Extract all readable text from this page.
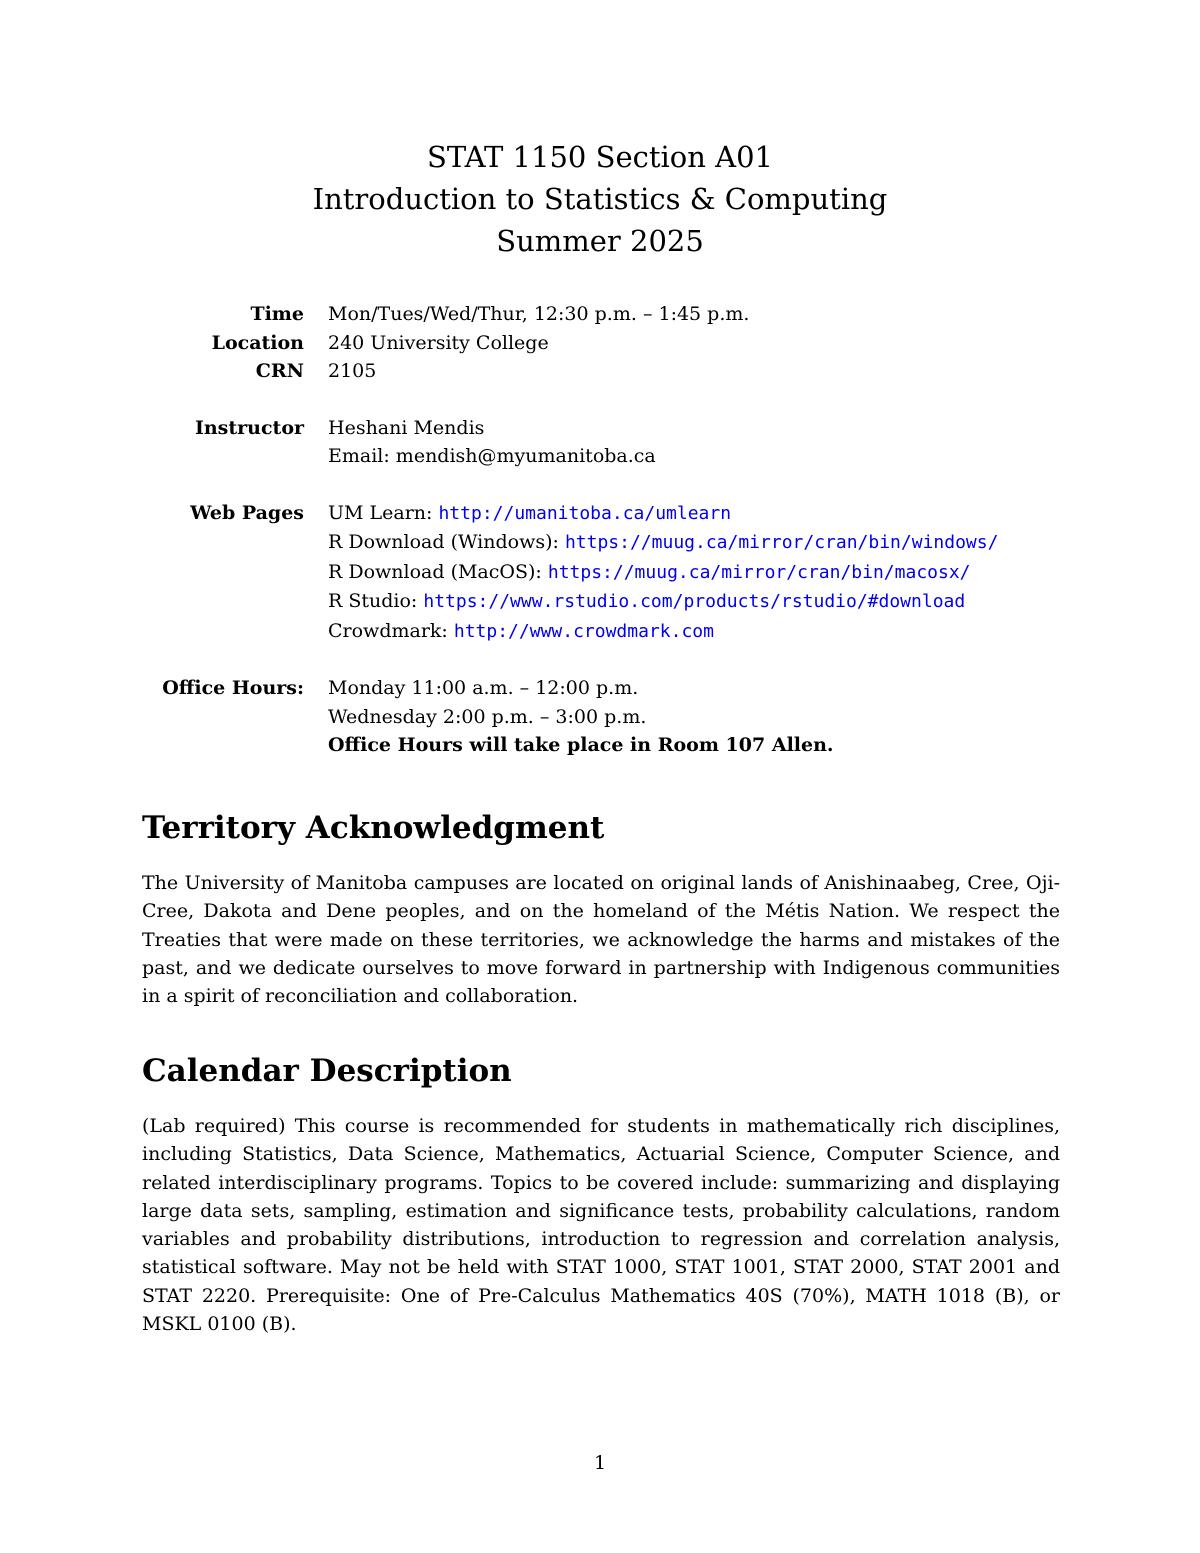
STAT 1150 Section A01
Introduction to Statistics & Computing
Summer 2025
Time
Location
CRN
Mon/Tues/Wed/Thur, 12:30 p.m. – 1:45 p.m.
240 University College
2105
Instructor Heshani Mendis
Email: mendish@myumanitoba.ca
Web Pages UM Learn: http://umanitoba.ca/umlearn
R Download (Windows): https://muug.ca/mirror/cran/bin/windows/
R Download (MacOS): https://muug.ca/mirror/cran/bin/macosx/
R Studio: https://www.rstudio.com/products/rstudio/#download
Crowdmark: http://www.crowdmark.com
Office Hours: Monday 11:00 a.m. – 12:00 p.m.
Wednesday 2:00 p.m. – 3:00 p.m.
Office Hours will take place in Room 107 Allen.
Territory Acknowledgment
The University of Manitoba campuses are located on original lands of Anishinaabeg, Cree, Oji-Cree, Dakota and Dene peoples, and on the homeland of the Métis Nation. We respect the Treaties that were made on these territories, we acknowledge the harms and mistakes of the past, and we dedicate ourselves to move forward in partnership with Indigenous communities in a spirit of reconciliation and collaboration.
Calendar Description
(Lab required) This course is recommended for students in mathematically rich disciplines, including Statistics, Data Science, Mathematics, Actuarial Science, Computer Science, and related interdisciplinary programs. Topics to be covered include: summarizing and displaying large data sets, sampling, estimation and significance tests, probability calculations, random variables and probability distributions, introduction to regression and correlation analysis, statistical software. May not be held with STAT 1000, STAT 1001, STAT 2000, STAT 2001 and STAT 2220. Prerequisite: One of Pre-Calculus Mathematics 40S (70%), MATH 1018 (B), or MSKL 0100 (B).
1
